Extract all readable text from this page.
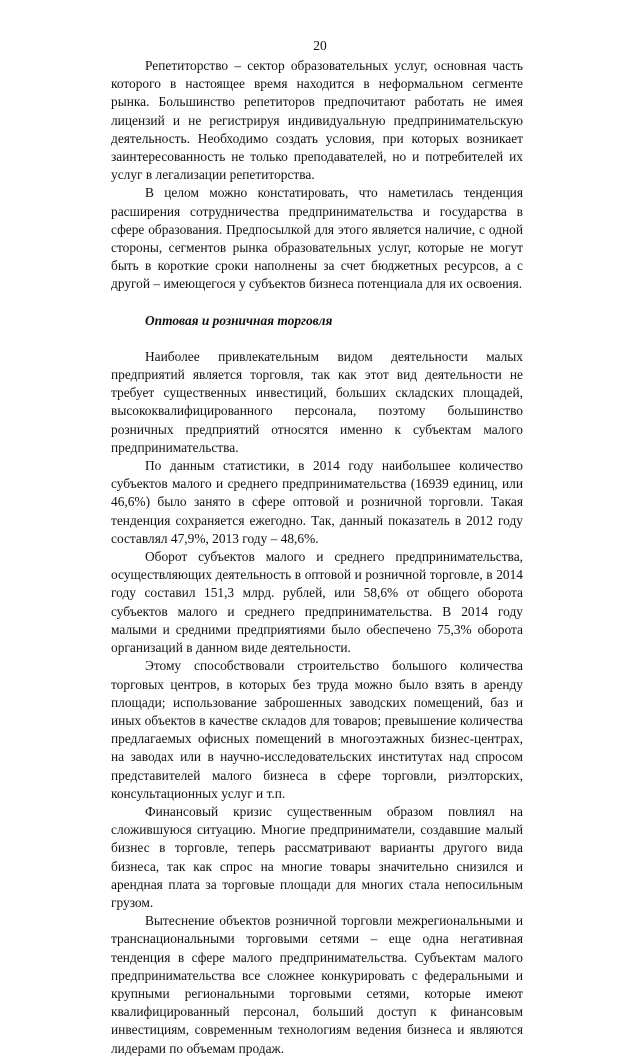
20

Репетиторство – сектор образовательных услуг, основная часть которого в настоящее время находится в неформальном сегменте рынка. Большинство репетиторов предпочитают работать не имея лицензий и не регистрируя индивидуальную предпринимательскую деятельность. Необходимо создать условия, при которых возникает заинтересованность не только преподавателей, но и потребителей их услуг в легализации репетиторства.

В целом можно констатировать, что наметилась тенденция расширения сотрудничества предпринимательства и государства в сфере образования. Предпосылкой для этого является наличие, с одной стороны, сегментов рынка образовательных услуг, которые не могут быть в короткие сроки наполнены за счет бюджетных ресурсов, а с другой – имеющегося у субъектов бизнеса потенциала для их освоения.

Оптовая и розничная торговля

Наиболее привлекательным видом деятельности малых предприятий является торговля, так как этот вид деятельности не требует существенных инвестиций, больших складских площадей, высококвалифицированного персонала, поэтому большинство розничных предприятий относятся именно к субъектам малого предпринимательства.

По данным статистики, в 2014 году наибольшее количество субъектов малого и среднего предпринимательства (16939 единиц, или 46,6%) было занято в сфере оптовой и розничной торговли. Такая тенденция сохраняется ежегодно. Так, данный показатель в 2012 году составлял 47,9%, 2013 году – 48,6%.

Оборот субъектов малого и среднего предпринимательства, осуществляющих деятельность в оптовой и розничной торговле, в 2014 году составил 151,3 млрд. рублей, или 58,6% от общего оборота субъектов малого и среднего предпринимательства. В 2014 году малыми и средними предприятиями было обеспечено 75,3% оборота организаций в данном виде деятельности.

Этому способствовали строительство большого количества торговых центров, в которых без труда можно было взять в аренду площади; использование заброшенных заводских помещений, баз и иных объектов в качестве складов для товаров; превышение количества предлагаемых офисных помещений в многоэтажных бизнес-центрах, на заводах или в научно-исследовательских институтах над спросом представителей малого бизнеса в сфере торговли, риэлторских, консультационных услуг и т.п.

Финансовый кризис существенным образом повлиял на сложившуюся ситуацию. Многие предприниматели, создавшие малый бизнес в торговле, теперь рассматривают варианты другого вида бизнеса, так как спрос на многие товары значительно снизился и арендная плата за торговые площади для многих стала непосильным грузом.

Вытеснение объектов розничной торговли межрегиональными и транснациональными торговыми сетями – еще одна негативная тенденция в сфере малого предпринимательства. Субъектам малого предпринимательства все сложнее конкурировать с федеральными и крупными региональными торговыми сетями, которые имеют квалифицированный персонал, больший доступ к финансовым инвестициям, современным технологиям ведения бизнеса и являются лидерами по объемам продаж.
